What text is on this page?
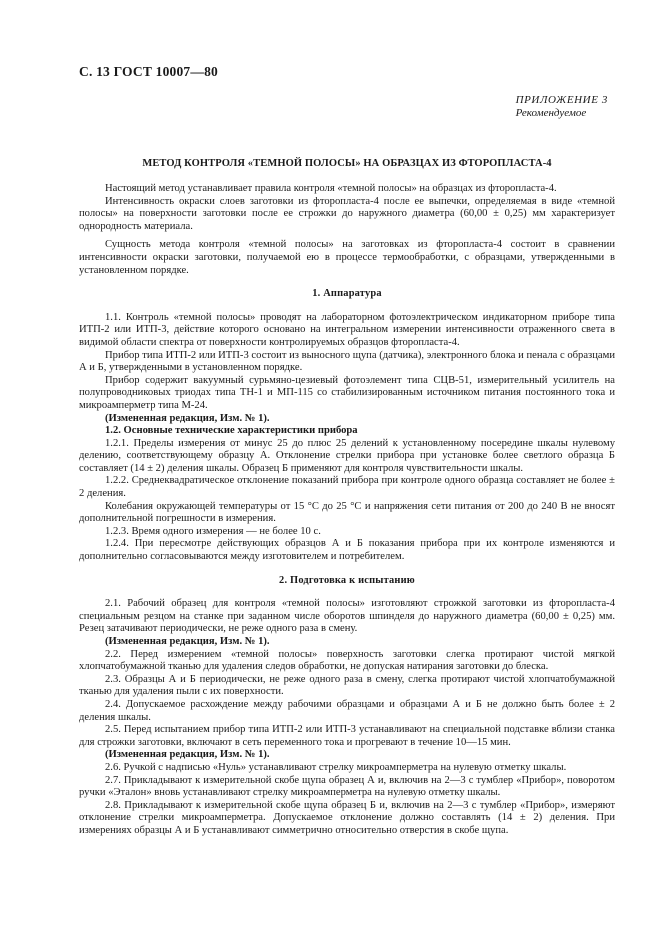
С. 13 ГОСТ 10007—80
ПРИЛОЖЕНИЕ 3
Рекомендуемое
МЕТОД КОНТРОЛЯ «ТЕМНОЙ ПОЛОСЫ» НА ОБРАЗЦАХ ИЗ ФТОРОПЛАСТА-4

Настоящий метод устанавливает правила контроля «темной полосы» на образцах из фторопласта-4.

Интенсивность окраски слоев заготовки из фторопласта-4 после ее выпечки, определяемая в виде «темной полосы» на поверхности заготовки после ее строжки до наружного диаметра (60,00 ± 0,25) мм характеризует однородность материала.

Сущность метода контроля «темной полосы» на заготовках из фторопласта-4 состоит в сравнении интенсивности окраски заготовки, получаемой ею в процессе термообработки, с образцами, утвержденными в установленном порядке.

1. Аппаратура

1.1. Контроль «темной полосы» проводят на лабораторном фотоэлектрическом индикаторном приборе типа ИТП-2 или ИТП-3, действие которого основано на интегральном измерении интенсивности отраженного света в видимой области спектра от поверхности контролируемых образцов фторопласта-4.

Прибор типа ИТП-2 или ИТП-3 состоит из выносного щупа (датчика), электронного блока и пенала с образцами А и Б, утвержденными в установленном порядке.

Прибор содержит вакуумный сурьмяно-цезиевый фотоэлемент типа СЦВ-51, измерительный усилитель на полупроводниковых триодах типа ТН-1 и МП-115 со стабилизированным источником питания постоянного тока и микроамперметр типа М-24.

(Измененная редакция, Изм. № 1).

1.2. Основные технические характеристики прибора

1.2.1. Пределы измерения от минус 25 до плюс 25 делений к установленному посередине шкалы нулевому делению, соответствующему образцу А. Отклонение стрелки прибора при установке более светлого образца Б составляет (14 ± 2) деления шкалы. Образец Б применяют для контроля чувствительности шкалы.

1.2.2. Среднеквадратическое отклонение показаний прибора при контроле одного образца составляет не более ± 2 деления.

Колебания окружающей температуры от 15 °С до 25 °С и напряжения сети питания от 200 до 240 В не вносят дополнительной погрешности в измерения.

1.2.3. Время одного измерения — не более 10 с.

1.2.4. При пересмотре действующих образцов А и Б показания прибора при их контроле изменяются и дополнительно согласовываются между изготовителем и потребителем.

2. Подготовка к испытанию

2.1. Рабочий образец для контроля «темной полосы» изготовляют строжкой заготовки из фторопласта-4 специальным резцом на станке при заданном числе оборотов шпинделя до наружного диаметра (60,00 ± 0,25) мм. Резец затачивают периодически, не реже одного раза в смену.

(Измененная редакция, Изм. № 1).

2.2. Перед измерением «темной полосы» поверхность заготовки слегка протирают чистой мягкой хлопчатобумажной тканью для удаления следов обработки, не допуская натирания заготовки до блеска.

2.3. Образцы А и Б периодически, не реже одного раза в смену, слегка протирают чистой хлопчатобумажной тканью для удаления пыли с их поверхности.

2.4. Допускаемое расхождение между рабочими образцами и образцами А и Б не должно быть более ± 2 деления шкалы.

2.5. Перед испытанием прибор типа ИТП-2 или ИТП-3 устанавливают на специальной подставке вблизи станка для строжки заготовки, включают в сеть переменного тока и прогревают в течение 10—15 мин.

(Измененная редакция, Изм. № 1).

2.6. Ручкой с надписью «Нуль» устанавливают стрелку микроамперметра на нулевую отметку шкалы.

2.7. Прикладывают к измерительной скобе щупа образец А и, включив на 2—3 с тумблер «Прибор», поворотом ручки «Эталон» вновь устанавливают стрелку микроамперметра на нулевую отметку шкалы.

2.8. Прикладывают к измерительной скобе щупа образец Б и, включив на 2—3 с тумблер «Прибор», измеряют отклонение стрелки микроамперметра. Допускаемое отклонение должно составлять (14 ± 2) деления. При измерениях образцы А и Б устанавливают симметрично относительно отверстия в скобе щупа.
